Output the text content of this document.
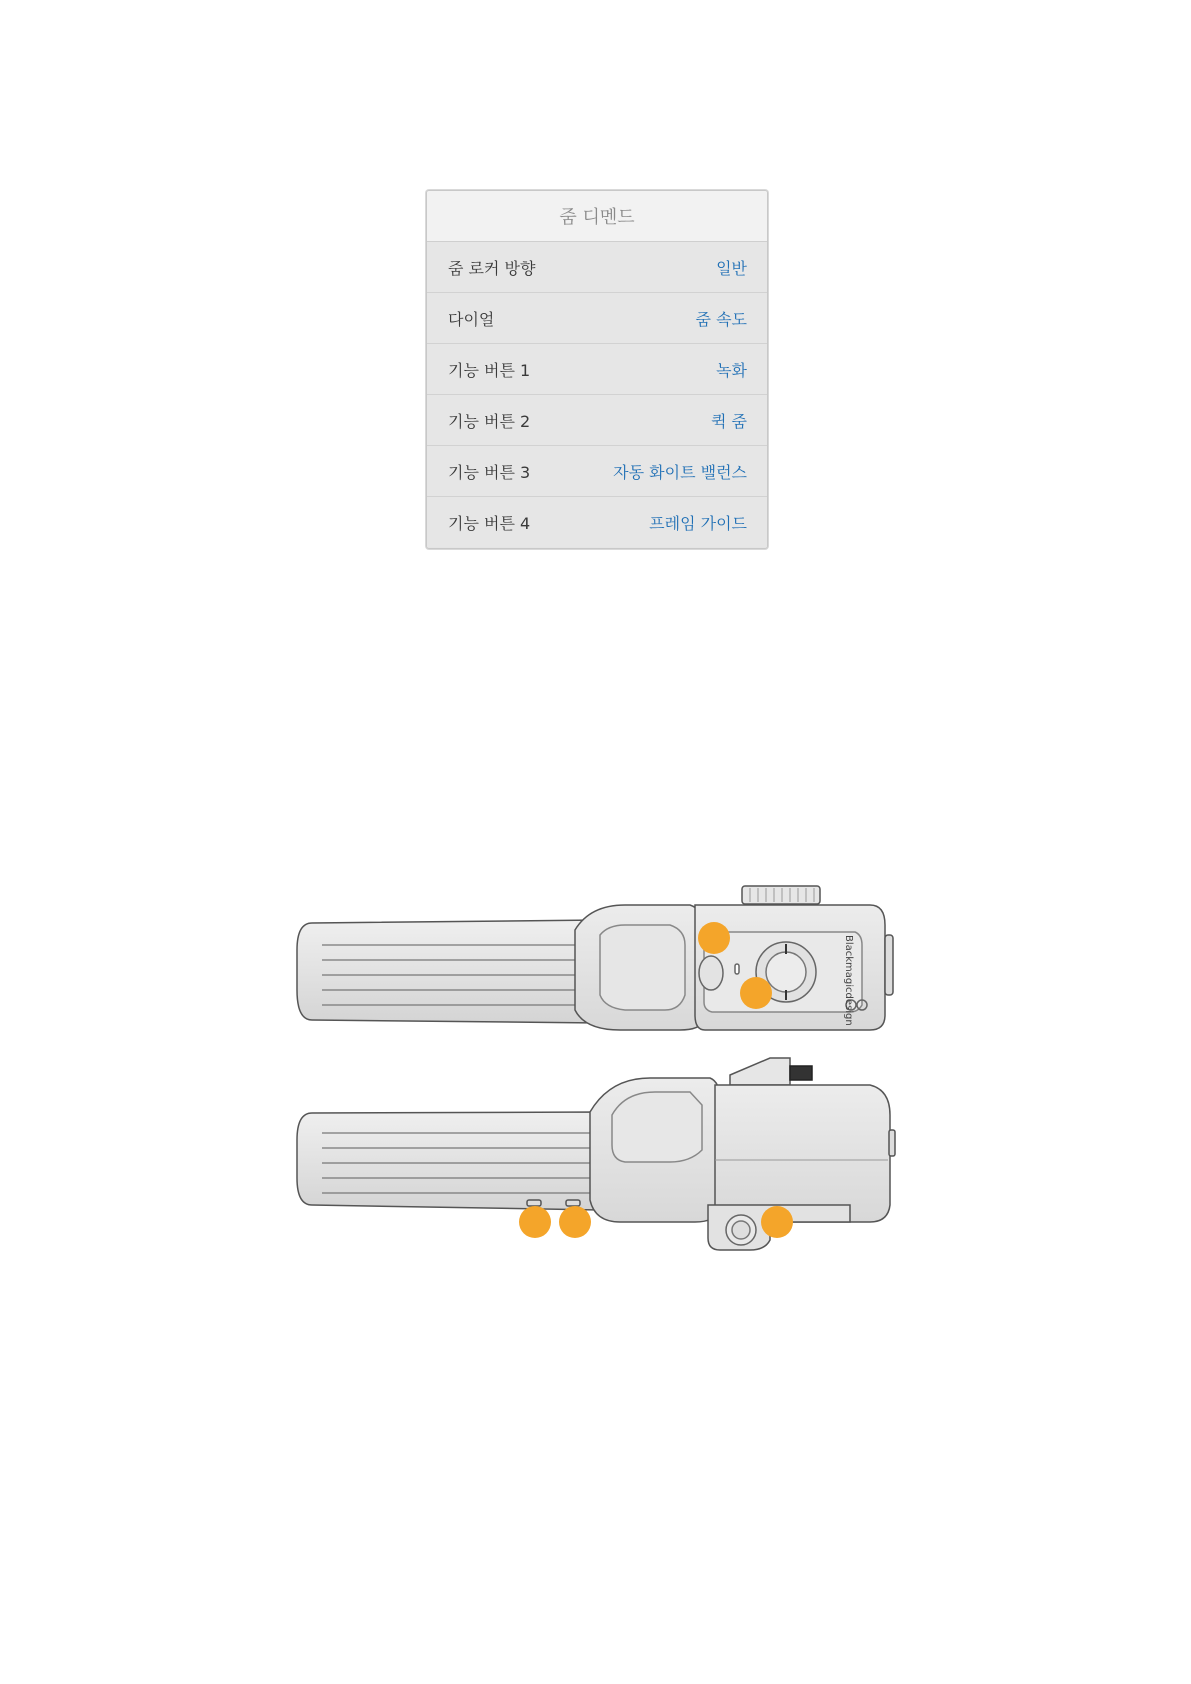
줌 디멘드
줌 로커 방향	일반
다이얼	줌 속도
기능 버튼 1	녹화
기능 버튼 2	퀵 줌
기능 버튼 3	자동 화이트 밸런스
기능 버튼 4	프레임 가이드
Blackmagicdesign
